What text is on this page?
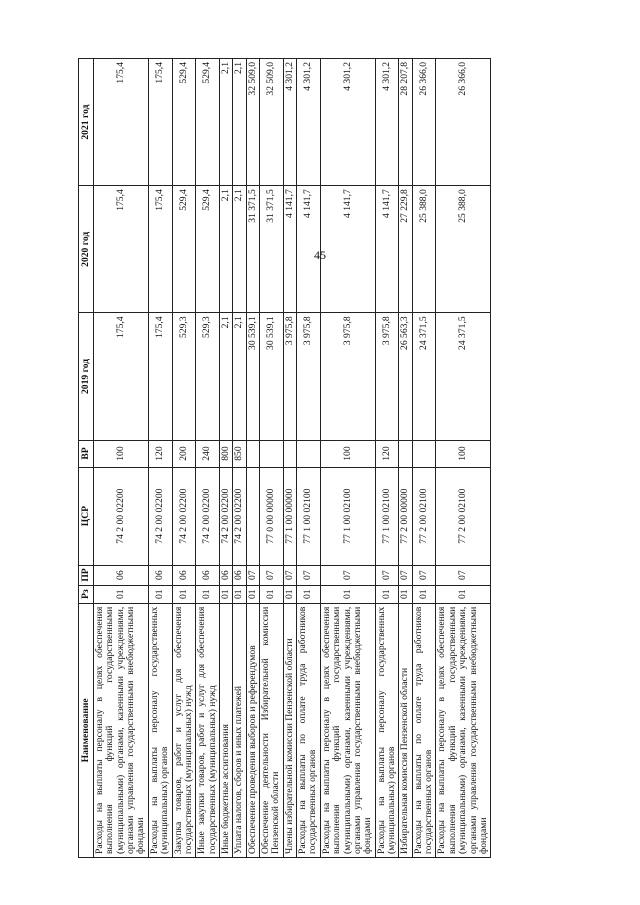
45
Наименование	Рз	ПР	ЦСР	ВР	2019 год	2020 год	2021 год
Расходы на выплаты персоналу в целях обеспечения выполнения функций государственными (муниципальными) органами, казенными учреждениями, органами управления государственными внебюджетными фондами	01	06	74 2 00 02200	100	175,4	175,4	175,4
Расходы на выплаты персоналу государственных (муниципальных) органов	01	06	74 2 00 02200	120	175,4	175,4	175,4
Закупка товаров, работ и услуг для обеспечения государственных (муниципальных) нужд	01	06	74 2 00 02200	200	529,3	529,4	529,4
Иные закупки товаров, работ и услуг для обеспечения государственных (муниципальных) нужд	01	06	74 2 00 02200	240	529,3	529,4	529,4
Иные бюджетные ассигнования	01	06	74 2 00 02200	800	2,1	2,1	2,1
Уплата налогов, сборов и иных платежей	01	06	74 2 00 02200	850	2,1	2,1	2,1
Обеспечение проведения выборов и референдумов	01	07			30 539,1	31 371,5	32 509,0
Обеспечение деятельности Избирательной комиссии Пензенской области	01	07	77 0 00 00000		30 539,1	31 371,5	32 509,0
Члены избирательной комиссии Пензенской области	01	07	77 1 00 00000		3 975,8	4 141,7	4 301,2
Расходы на выплаты по оплате труда работников государственных органов	01	07	77 1 00 02100		3 975,8	4 141,7	4 301,2
Расходы на выплаты персоналу в целях обеспечения выполнения функций государственными (муниципальными) органами, казенными учреждениями, органами управления государственными внебюджетными фондами	01	07	77 1 00 02100	100	3 975,8	4 141,7	4 301,2
Расходы на выплаты персоналу государственных (муниципальных) органов	01	07	77 1 00 02100	120	3 975,8	4 141,7	4 301,2
Избирательная комиссия Пензенской области	01	07	77 2 00 00000		26 563,3	27 229,8	28 207,8
Расходы на выплаты по оплате труда работников государственных органов	01	07	77 2 00 02100		24 371,5	25 388,0	26 366,0
Расходы на выплаты персоналу в целях обеспечения выполнения функций государственными (муниципальными) органами, казенными учреждениями, органами управления государственными внебюджетными фондами	01	07	77 2 00 02100	100	24 371,5	25 388,0	26 366,0
